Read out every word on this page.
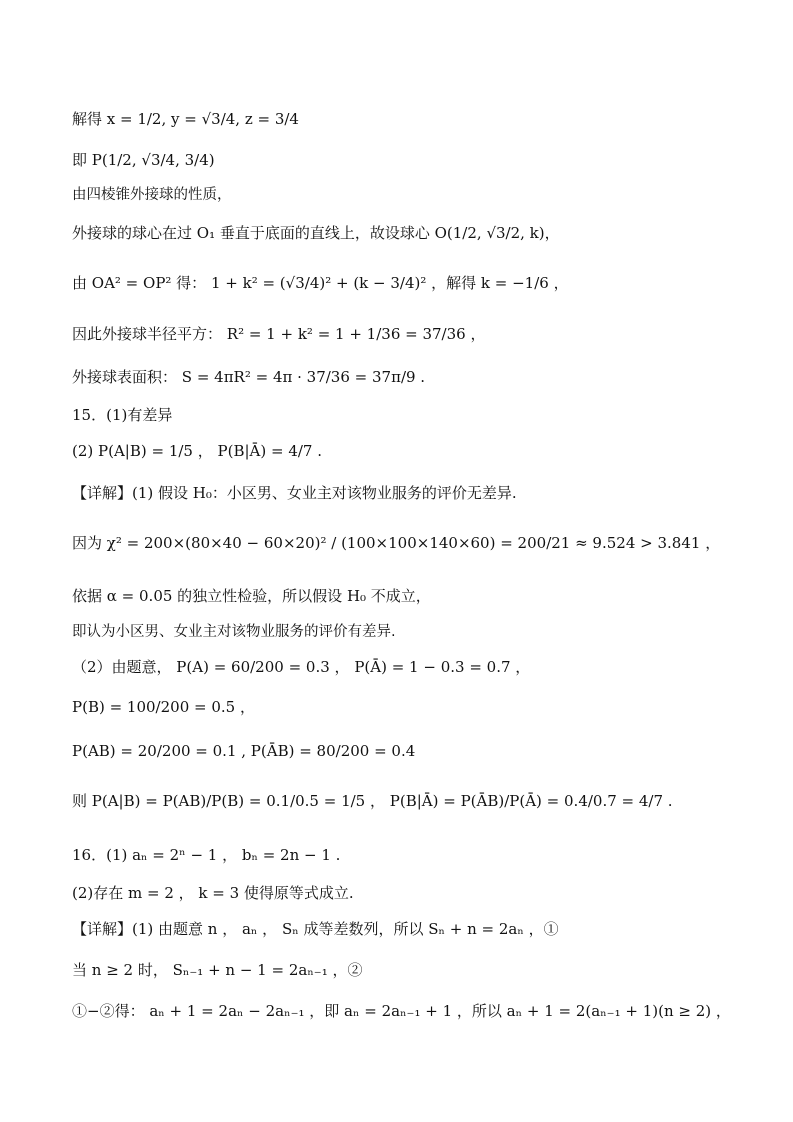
解得 x = 1/2, y = √3/4, z = 3/4
即 P(1/2, √3/4, 3/4)
由四棱锥外接球的性质，
外接球的球心在过 O₁ 垂直于底面的直线上，故设球心 O(1/2, √3/2, k)，
由 OA² = OP² 得： 1 + k² = (√3/4)² + (k − 3/4)² ，解得 k = −1/6 ，
因此外接球半径平方： R² = 1 + k² = 1 + 1/36 = 37/36 ，
外接球表面积： S = 4πR² = 4π · 37/36 = 37π/9 .
15．(1)有差异
(2) P(A|B) = 1/5 ， P(B|Ā) = 4/7 .
【详解】(1) 假设 H₀：小区男、女业主对该物业服务的评价无差异.
因为 χ² = 200×(80×40 − 60×20)² / (100×100×140×60) = 200/21 ≈ 9.524 > 3.841 ，
依据 α = 0.05 的独立性检验，所以假设 H₀ 不成立，
即认为小区男、女业主对该物业服务的评价有差异.
（2）由题意， P(A) = 60/200 = 0.3 ， P(Ā) = 1 − 0.3 = 0.7 ，
P(B) = 100/200 = 0.5 ，
P(AB) = 20/200 = 0.1 , P(ĀB) = 80/200 = 0.4
则 P(A|B) = P(AB)/P(B) = 0.1/0.5 = 1/5 ， P(B|Ā) = P(ĀB)/P(Ā) = 0.4/0.7 = 4/7 .
16．(1) aₙ = 2ⁿ − 1 ， bₙ = 2n − 1 .
(2)存在 m = 2 ， k = 3 使得原等式成立.
【详解】(1) 由题意 n ， aₙ ， Sₙ 成等差数列，所以 Sₙ + n = 2aₙ ，①
当 n ≥ 2 时， Sₙ₋₁ + n − 1 = 2aₙ₋₁ ，②
①−②得： aₙ + 1 = 2aₙ − 2aₙ₋₁ ，即 aₙ = 2aₙ₋₁ + 1 ，所以 aₙ + 1 = 2(aₙ₋₁ + 1)(n ≥ 2) ，
